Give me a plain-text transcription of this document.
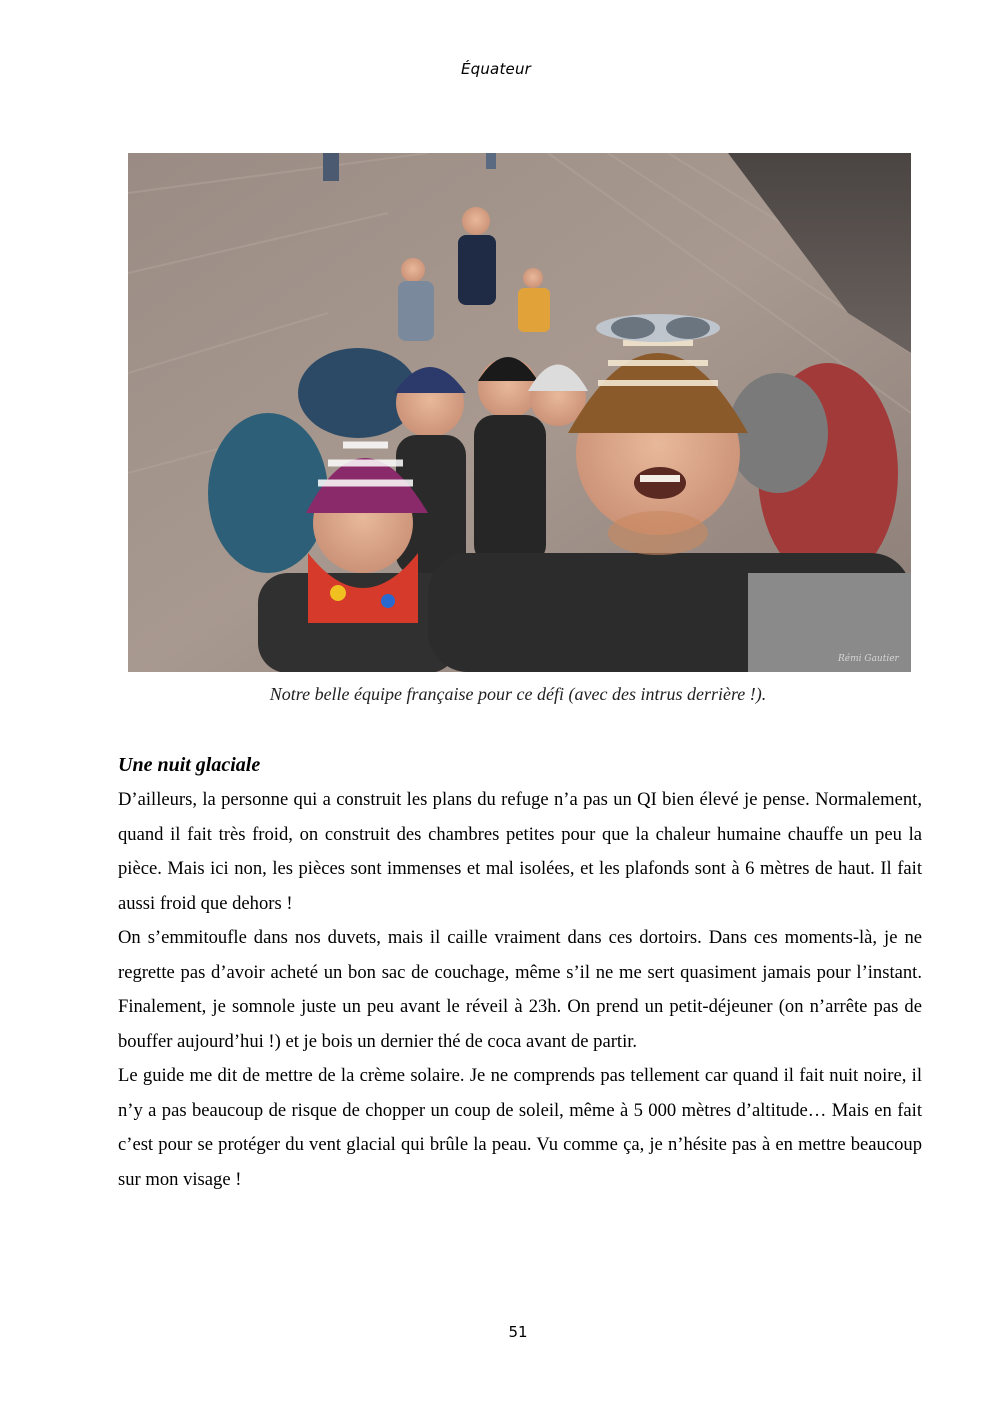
Équateur
Rémi Gautier
Notre belle équipe française pour ce défi (avec des intrus derrière !).
Une nuit glaciale

D’ailleurs, la personne qui a construit les plans du refuge n’a pas un QI bien élevé je pense. Normalement, quand il fait très froid, on construit des chambres petites pour que la chaleur humaine chauffe un peu la pièce. Mais ici non, les pièces sont immenses et mal isolées, et les plafonds sont à 6 mètres de haut. Il fait aussi froid que dehors !

On s’emmitoufle dans nos duvets, mais il caille vraiment dans ces dortoirs. Dans ces moments-là, je ne regrette pas d’avoir acheté un bon sac de couchage, même s’il ne me sert quasiment jamais pour l’instant. Finalement, je somnole juste un peu avant le réveil à 23h. On prend un petit-déjeuner (on n’arrête pas de bouffer aujourd’hui !) et je bois un dernier thé de coca avant de partir.

Le guide me dit de mettre de la crème solaire. Je ne comprends pas tellement car quand il fait nuit noire, il n’y a pas beaucoup de risque de chopper un coup de soleil, même à 5 000 mètres d’altitude… Mais en fait c’est pour se protéger du vent glacial qui brûle la peau. Vu comme ça, je n’hésite pas à en mettre beaucoup sur mon visage !

51
